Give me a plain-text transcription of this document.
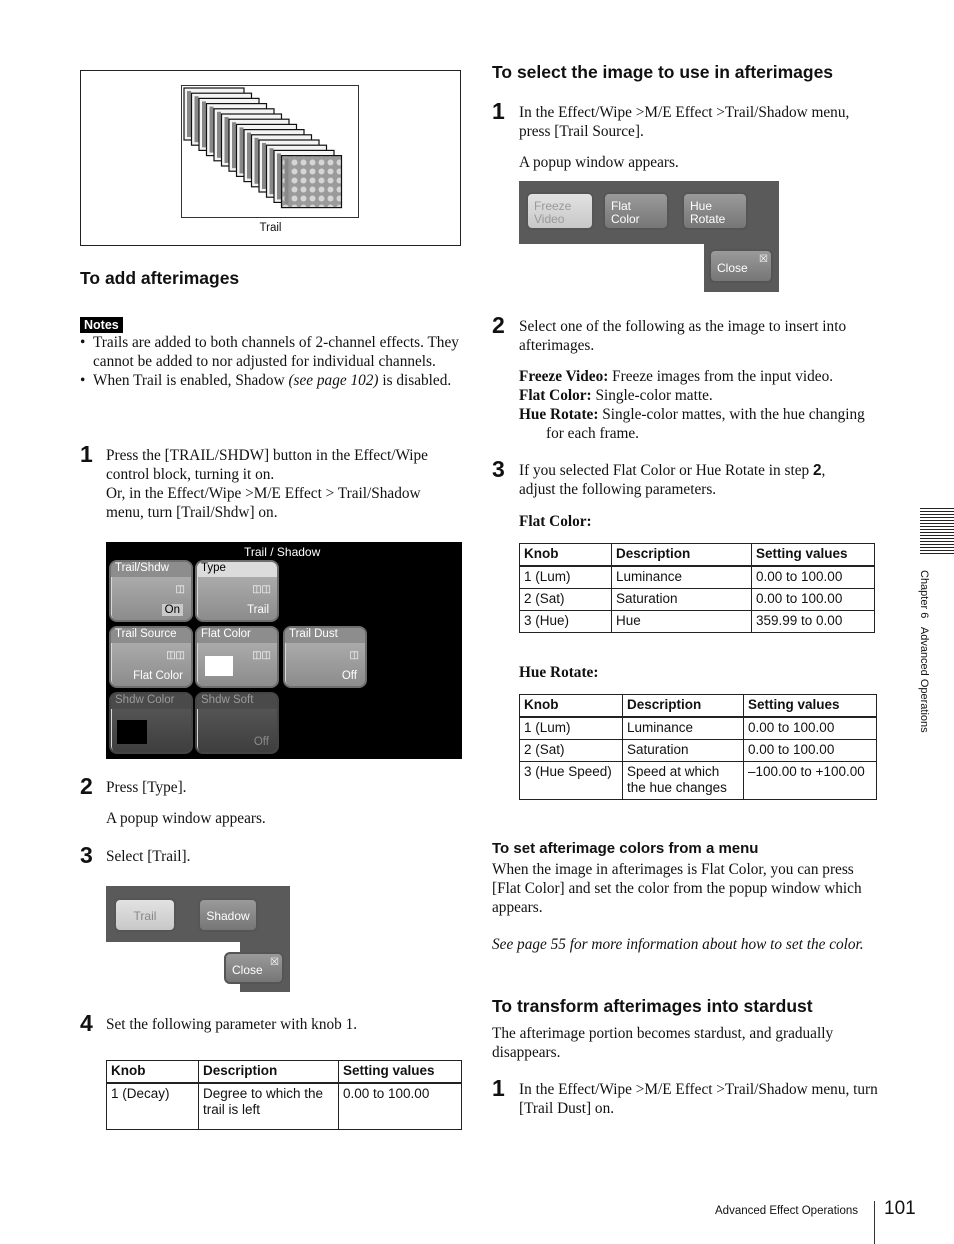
Trail
To add afterimages
Notes
• Trails are added to both channels of 2-channel effects. They cannot be added to nor adjusted for individual channels.
• When Trail is enabled, Shadow (see page 102) is disabled.
1 Press the [TRAIL/SHDW] button in the Effect/Wipe control block, turning it on.
Or, in the Effect/Wipe >M/E Effect > Trail/Shadow menu, turn [Trail/Shdw] on.
Trail / Shadow
Trail/Shdw
◫
On
Type
◫◫
Trail
Trail Source
◫◫
Flat Color
Flat Color
◫◫
Trail Dust
◫
Off
Shdw Color	Shdw Soft
Off
2 Press [Type].
A popup window appears.
3 Select [Trail].
Trail	Shadow
Close
☒
4 Set the following parameter with knob 1.
Knob	Description	Setting values
1 (Decay)	Degree to which the trail is left	0.00 to 100.00
To select the image to use in afterimages
1 In the Effect/Wipe >M/E Effect >Trail/Shadow menu, press [Trail Source].
A popup window appears.
Freeze Video
Flat Color
Hue Rotate
Close
☒
2 Select one of the following as the image to insert into afterimages.
Freeze Video: Freeze images from the input video.
Flat Color: Single-color matte.
Hue Rotate: Single-color mattes, with the hue changing for each frame.
3 If you selected Flat Color or Hue Rotate in step 2, adjust the following parameters.
Flat Color:
Knob	Description	Setting values
1 (Lum)	Luminance	0.00 to 100.00
2 (Sat)	Saturation	0.00 to 100.00
3 (Hue)	Hue	359.99 to 0.00
Hue Rotate:
Knob	Description	Setting values
1 (Lum)	Luminance	0.00 to 100.00
2 (Sat)	Saturation	0.00 to 100.00
3 (Hue Speed)	Speed at which the hue changes	–100.00 to +100.00
To set afterimage colors from a menu
When the image in afterimages is Flat Color, you can press [Flat Color] and set the color from the popup window which appears.
See page 55 for more information about how to set the color.
To transform afterimages into stardust
The afterimage portion becomes stardust, and gradually disappears.
1 In the Effect/Wipe >M/E Effect >Trail/Shadow menu, turn [Trail Dust] on.
Chapter 6   Advanced Operations
Advanced Effect Operations 101
